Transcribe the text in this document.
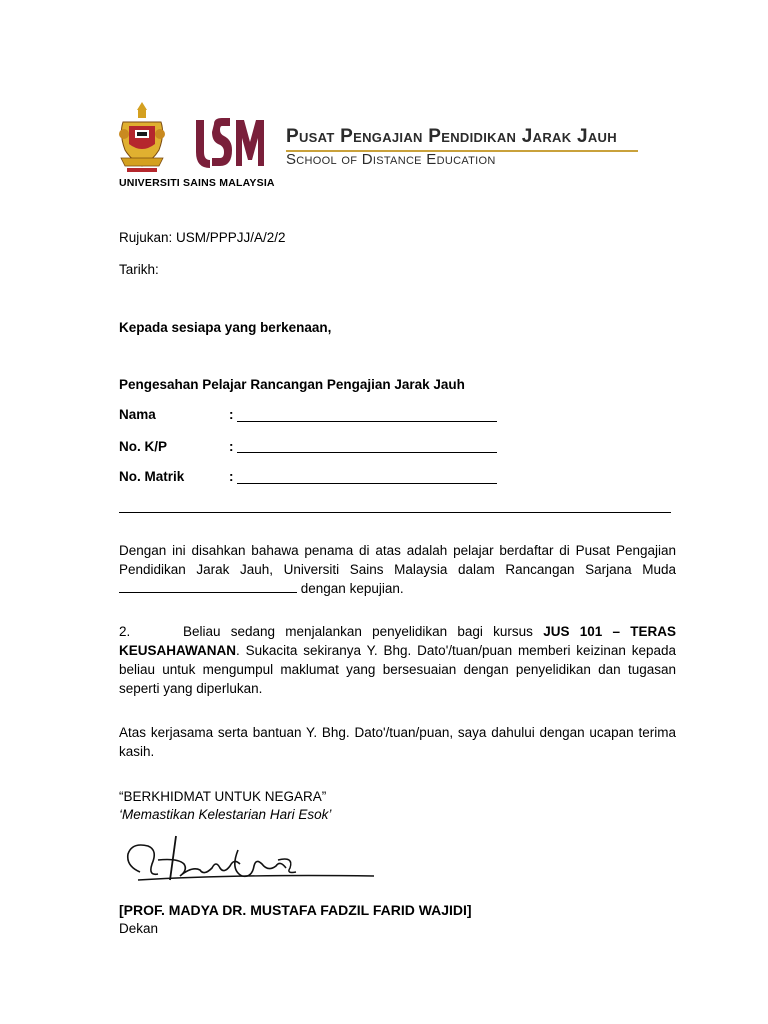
UNIVERSITI SAINS MALAYSIA
Pusat Pengajian Pendidikan Jarak Jauh
School of Distance Education
Rujukan: USM/PPPJJ/A/2/2
Tarikh:
Kepada sesiapa yang berkenaan,
Pengesahan Pelajar Rancangan Pengajian Jarak Jauh
Nama	:
No. K/P	:
No. Matrik	:
Dengan ini disahkan bahawa penama di atas adalah pelajar berdaftar di Pusat Pengajian Pendidikan Jarak Jauh, Universiti Sains Malaysia dalam Rancangan Sarjana Muda  dengan kepujian.
2.	Beliau sedang menjalankan penyelidikan bagi kursus JUS 101 – TERAS KEUSAHAWANAN. Sukacita sekiranya Y. Bhg. Dato'/tuan/puan memberi keizinan kepada beliau untuk mengumpul maklumat yang bersesuaian dengan penyelidikan dan tugasan seperti yang diperlukan.
Atas kerjasama serta bantuan Y. Bhg. Dato'/tuan/puan, saya dahului dengan ucapan terima kasih.
“BERKHIDMAT UNTUK NEGARA”
‘Memastikan Kelestarian Hari Esok’
[PROF. MADYA DR. MUSTAFA FADZIL FARID WAJIDI]
Dekan
